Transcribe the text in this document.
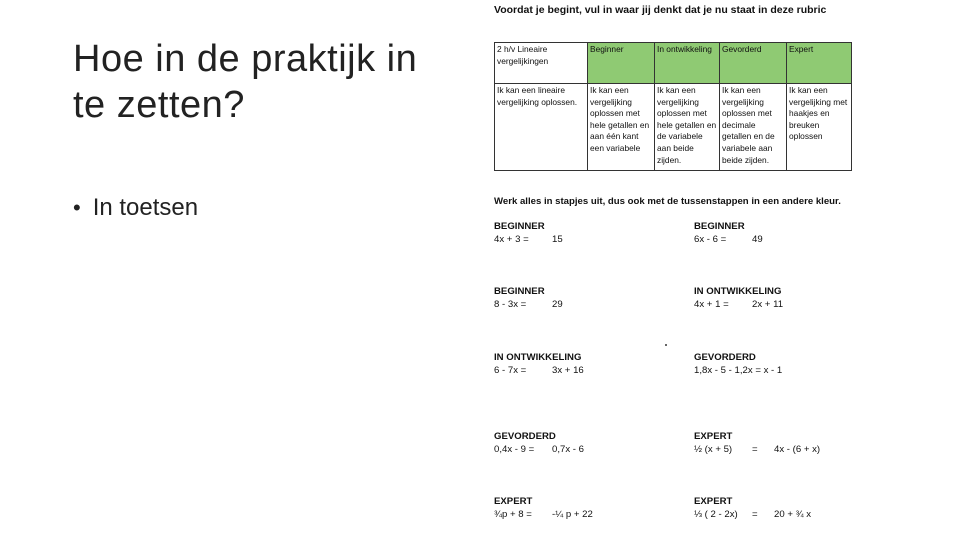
Hoe in de praktijk in te zetten?
• In toetsen
Voordat je begint, vul in waar jij denkt dat je nu staat in deze rubric
2 h/v Lineaire vergelijkingen	Beginner	In ontwikkeling	Gevorderd	Expert
Ik kan een lineaire vergelijking oplossen.	Ik kan een vergelijking oplossen met hele getallen en aan één kant een variabele	Ik kan een vergelijking oplossen met hele getallen en de variabele aan beide zijden.	Ik kan een vergelijking oplossen met decimale getallen en de variabele aan beide zijden.	Ik kan een vergelijking met haakjes en breuken oplossen
Werk alles in stapjes uit, dus ook met de tussenstappen in een andere kleur.
BEGINNER
4x + 3 =	15
BEGINNER
8 - 3x =	29
IN ONTWIKKELING
6 - 7x =	3x + 16
GEVORDERD
0,4x - 9 =	0,7x - 6
EXPERT
¾p + 8 =	-¼ p + 22
BEGINNER
6x - 6 =	49
IN ONTWIKKELING
4x + 1 =	2x + 11
GEVORDERD
1,8x - 5 - 1,2x = x - 1
EXPERT
½ (x + 5)	=	4x - (6 + x)
EXPERT
⅓ ( 2 - 2x)	=	20 + ¾ x
